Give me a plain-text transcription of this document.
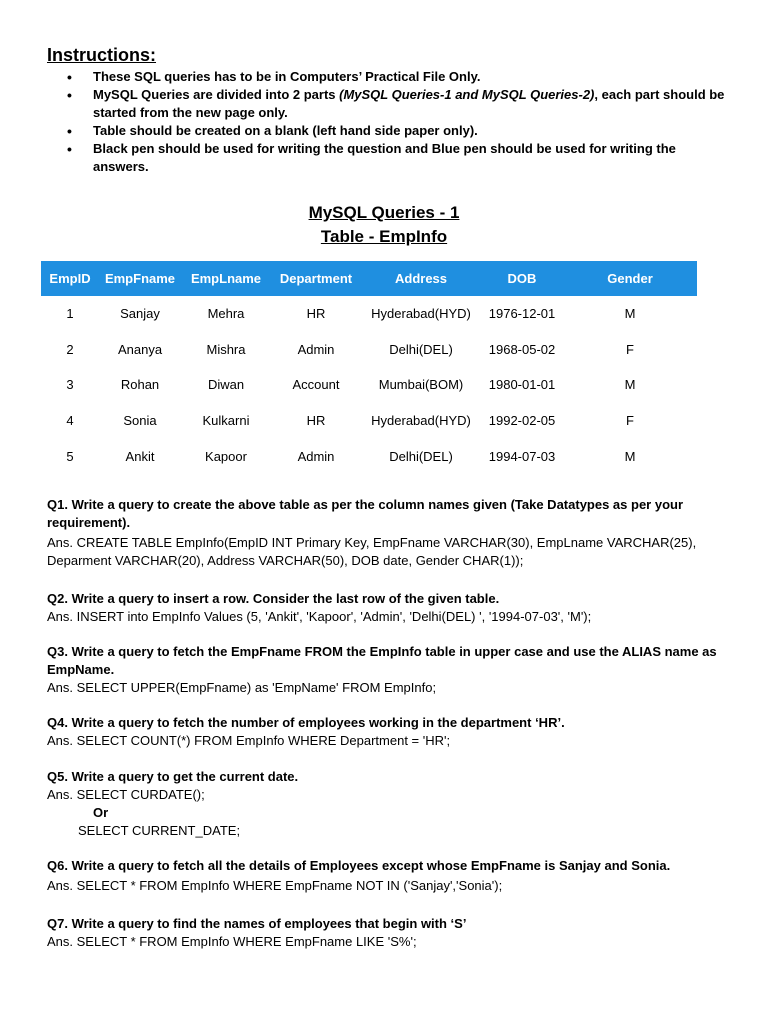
Instructions:
• These SQL queries has to be in Computers’ Practical File Only.
• MySQL Queries are divided into 2 parts (MySQL Queries-1 and MySQL Queries-2), each part should be started from the new page only.
• Table should be created on a blank (left hand side paper only).
• Black pen should be used for writing the question and Blue pen should be used for writing the answers.
MySQL Queries - 1
Table - EmpInfo
EmpID	EmpFname	EmpLname	Department	Address	DOB	Gender
1	Sanjay	Mehra	HR	Hyderabad(HYD)	1976-12-01	M
2	Ananya	Mishra	Admin	Delhi(DEL)	1968-05-02	F
3	Rohan	Diwan	Account	Mumbai(BOM)	1980-01-01	M
4	Sonia	Kulkarni	HR	Hyderabad(HYD)	1992-02-05	F
5	Ankit	Kapoor	Admin	Delhi(DEL)	1994-07-03	M
Q1. Write a query to create the above table as per the column names given (Take Datatypes as per your requirement).
Ans. CREATE TABLE EmpInfo(EmpID INT Primary Key, EmpFname VARCHAR(30), EmpLname VARCHAR(25), Deparment VARCHAR(20), Address VARCHAR(50), DOB date, Gender CHAR(1));
Q2. Write a query to insert a row. Consider the last row of the given table.
Ans. INSERT into EmpInfo Values (5, 'Ankit', 'Kapoor', 'Admin', 'Delhi(DEL) ', '1994-07-03', 'M');
Q3. Write a query to fetch the EmpFname FROM the EmpInfo table in upper case and use the ALIAS name as EmpName.
Ans. SELECT UPPER(EmpFname) as 'EmpName' FROM EmpInfo;
Q4. Write a query to fetch the number of employees working in the department ‘HR’.
Ans. SELECT COUNT(*) FROM EmpInfo WHERE Department = 'HR';
Q5. Write a query to get the current date.
Ans. SELECT CURDATE();
Or
SELECT CURRENT_DATE;
Q6. Write a query to fetch all the details of Employees except whose EmpFname is Sanjay and Sonia.
Ans. SELECT * FROM EmpInfo WHERE EmpFname NOT IN ('Sanjay','Sonia');
Q7. Write a query to find the names of employees that begin with ‘S’
Ans. SELECT * FROM EmpInfo WHERE EmpFname LIKE 'S%';
